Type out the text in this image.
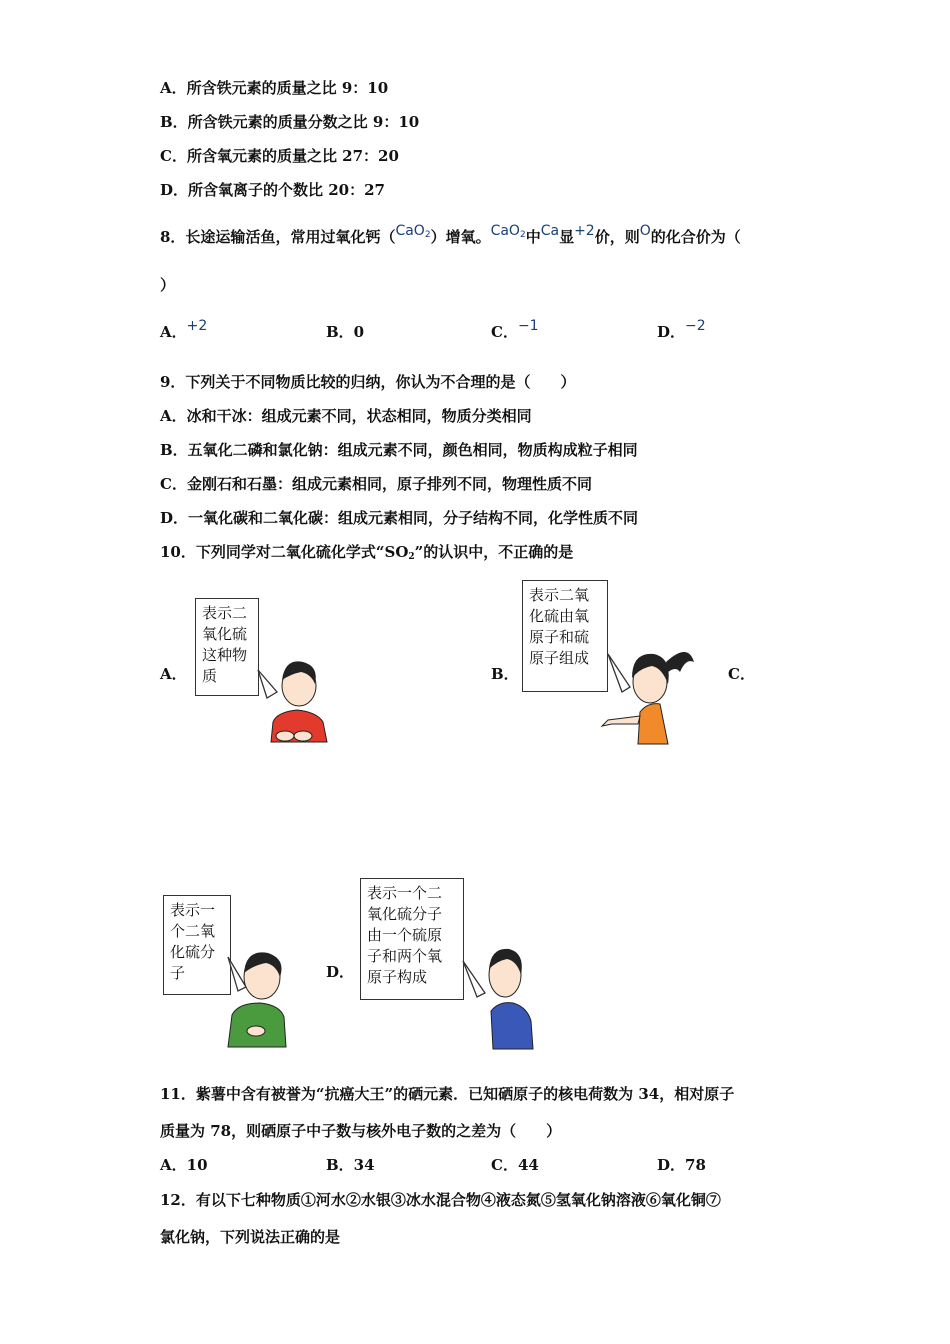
A．所含铁元素的质量之比 9：10
B．所含铁元素的质量分数之比 9：10
C．所含氧元素的质量之比 27：20
D．所含氧离子的个数比 20：27
8．长途运输活鱼，常用过氧化钙（CaO$_2$）增氧。CaO$_2$中Ca显+2价，则O的化合价为（
）
A．+2	B．0	C．−1	D．−2
9．下列关于不同物质比较的归纳，你认为不合理的是（　　）
A．冰和干冰：组成元素不同，状态相同，物质分类相同
B．五氧化二磷和氯化钠：组成元素不同，颜色相同，物质构成粒子相同
C．金刚石和石墨：组成元素相同，原子排列不同，物理性质不同
D．一氧化碳和二氧化碳：组成元素相同，分子结构不同，化学性质不同
10．下列同学对二氧化硫化学式“SO2”的认识中，不正确的是
A．
表示二
氧化硫
这种物
质	B．
表示二氧
化硫由氧
原子和硫
原子组成
C．
表示一
个二氧
化硫分
子	D．
表示一个二
氧化硫分子
由一个硫原
子和两个氧
原子构成
11．紫薯中含有被誉为“抗癌大王”的硒元素．已知硒原子的核电荷数为 34，相对原子
质量为 78，则硒原子中子数与核外电子数的之差为（　　）
A．10	B．34	C．44	D．78
12．有以下七种物质①河水②水银③冰水混合物④液态氮⑤氢氧化钠溶液⑥氧化铜⑦
氯化钠，下列说法正确的是
